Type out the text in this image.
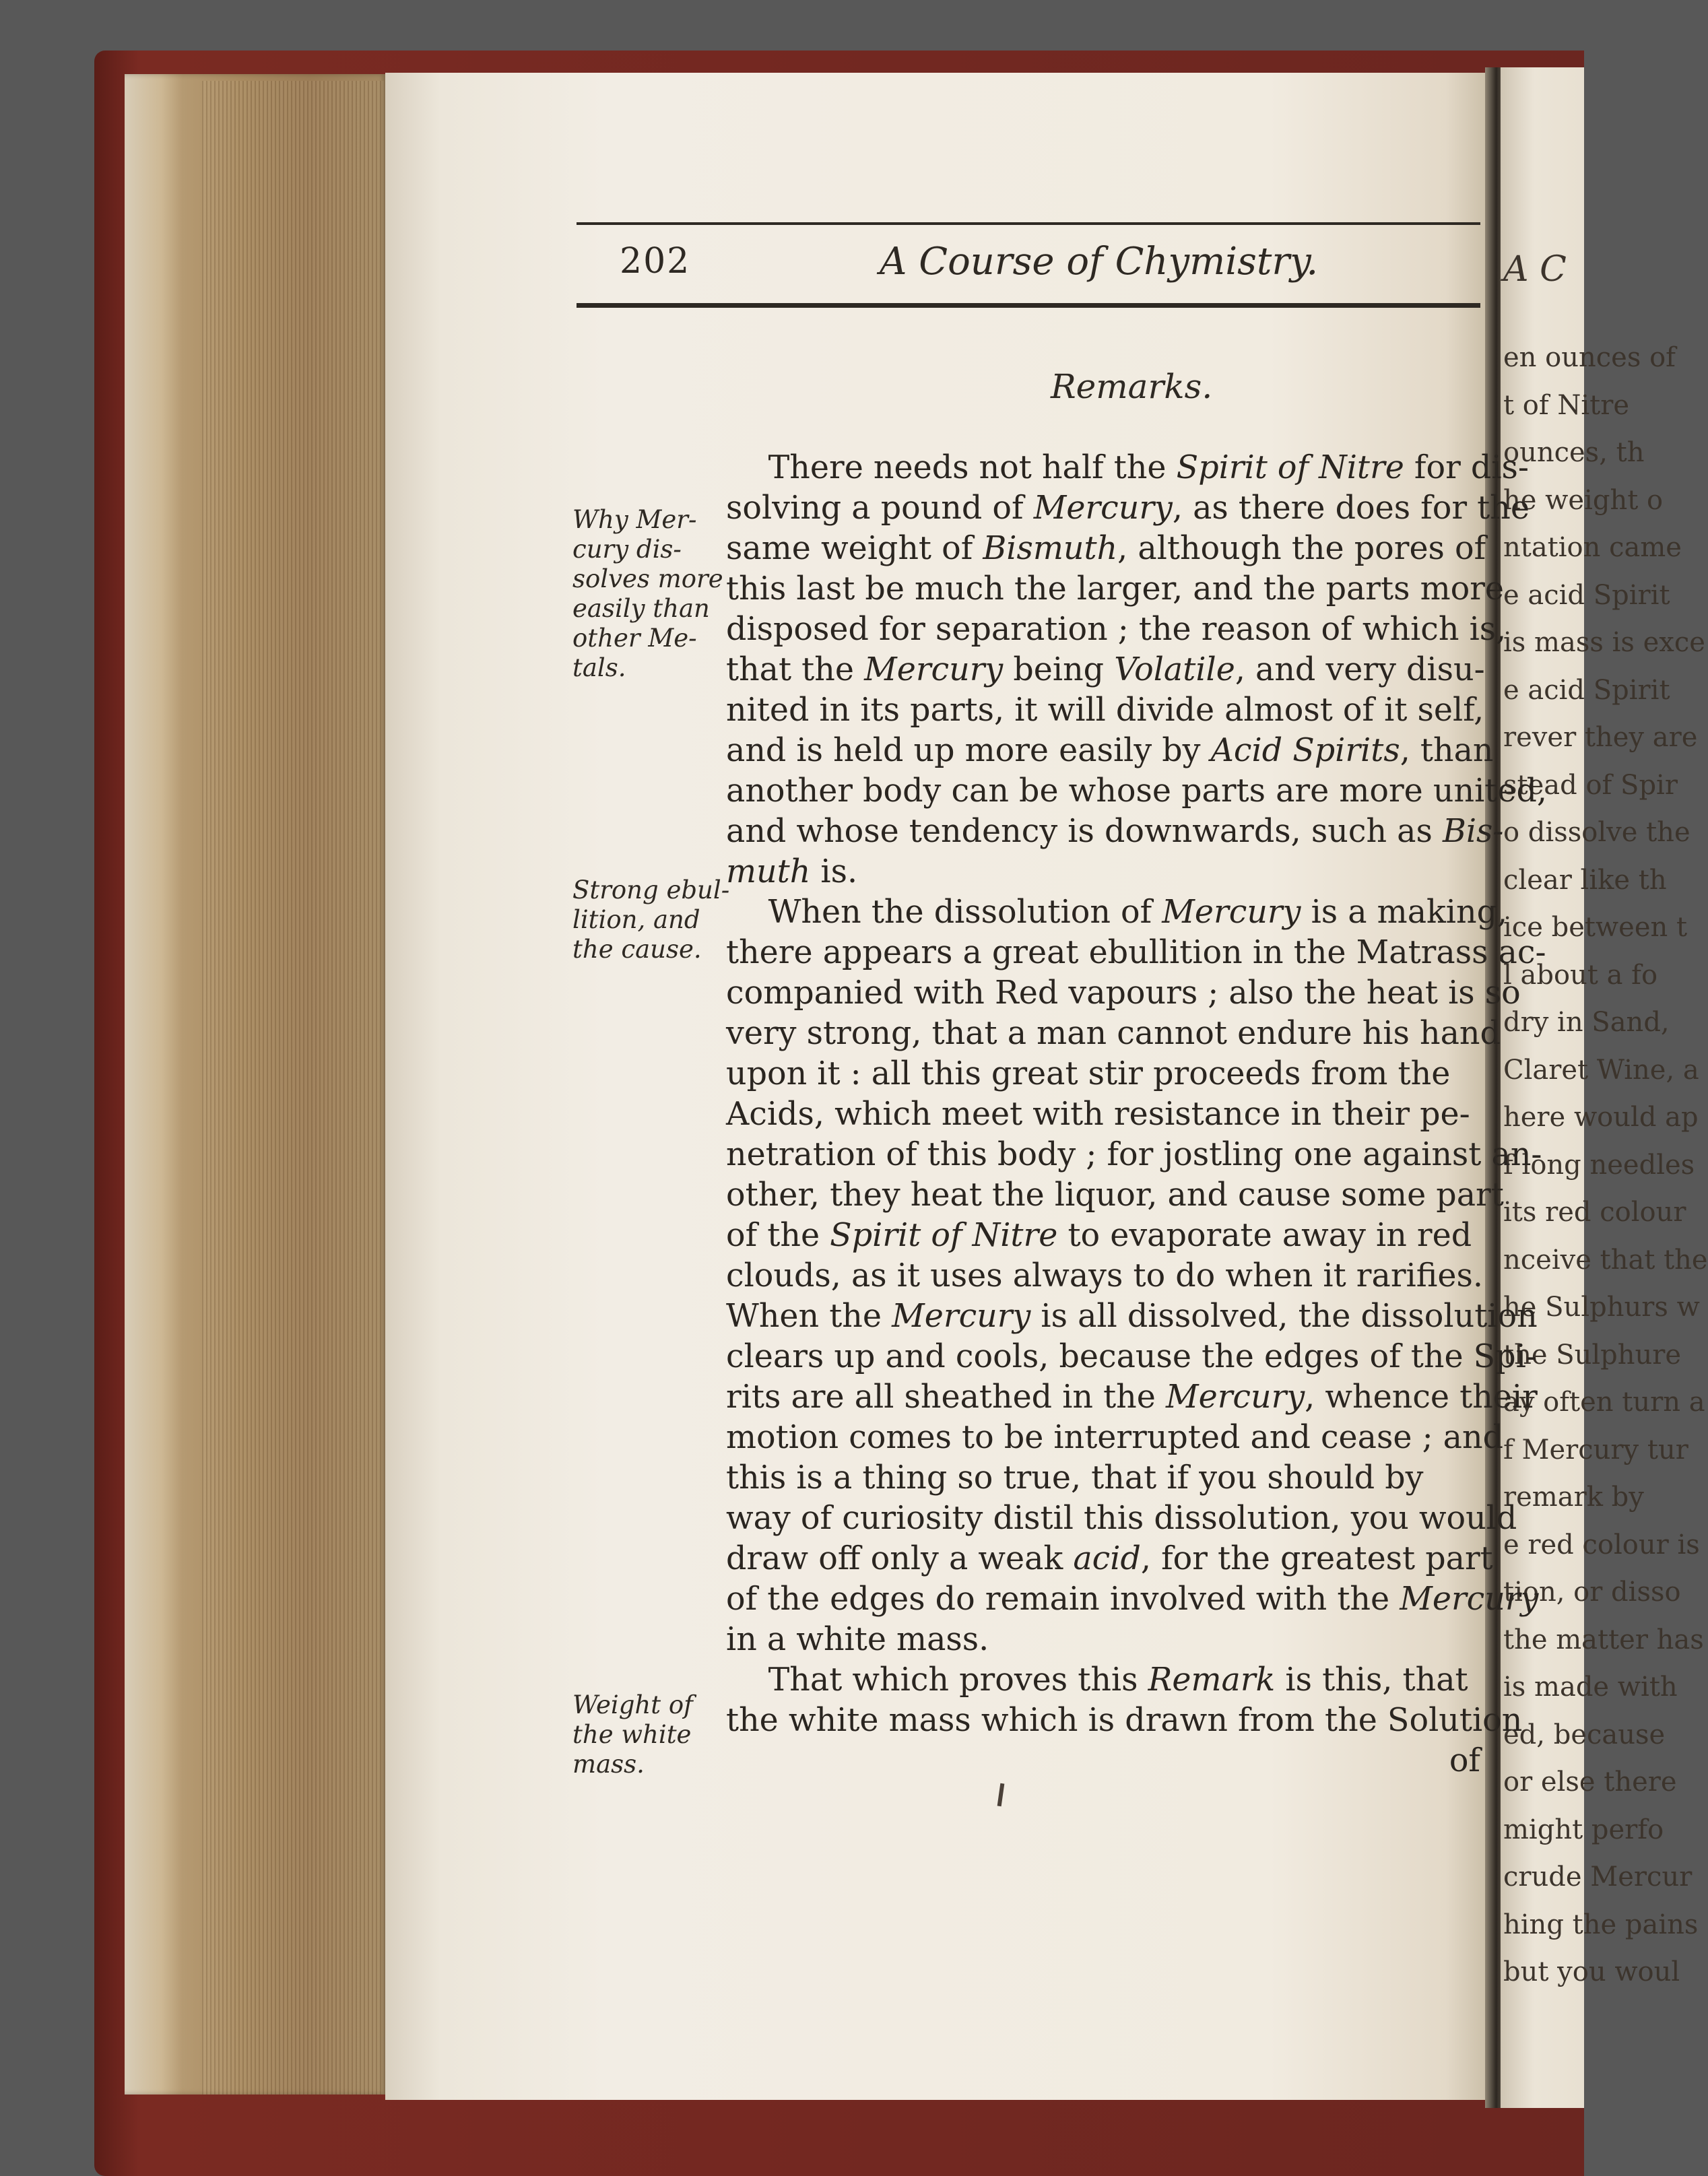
A C
en ounces of
t of Nitre
ounces, th
he weight o
ntation came
e acid Spirit
is mass is exce
e acid Spirit
rever they are
stead of Spir
o dissolve the
clear like th
ice between t
l about a fo
dry in Sand,
Claret Wine, a
here would ap
f long needles
its red colour
nceive that the
he Sulphurs w
the Sulphure
ay often turn a
f Mercury tur
remark by
e red colour is
tion, or disso
the matter has
is made with
ed, because
or else there
might perfo
crude Mercur
hing the pains
but you woul
202	A Course of Chymistry.
Remarks.
Why Mer-
cury dis-
solves more
easily than
other Me-
tals.
Strong ebul-
lition, and
the cause.
Weight of
the white
mass.
  There needs not half the Spirit of Nitre for dis-
solving a pound of Mercury, as there does for the
same weight of Bismuth, although the pores of
this last be much the larger, and the parts more
disposed for separation ; the reason of which is,
that the Mercury being Volatile, and very disu-
nited in its parts, it will divide almost of it self,
and is held up more easily by Acid Spirits, than
another body can be whose parts are more united,
and whose tendency is downwards, such as Bis-
muth is.
  When the dissolution of Mercury is a making,
there appears a great ebullition in the Matrass ac-
companied with Red vapours ; also the heat is so
very strong, that a man cannot endure his hand
upon it : all this great stir proceeds from the
Acids, which meet with resistance in their pe-
netration of this body ; for jostling one against an-
other, they heat the liquor, and cause some part
of the Spirit of Nitre to evaporate away in red
clouds, as it uses always to do when it rarifies.
When the Mercury is all dissolved, the dissolution
clears up and cools, because the edges of the Spi-
rits are all sheathed in the Mercury, whence their
motion comes to be interrupted and cease ; and
this is a thing so true, that if you should by
way of curiosity distil this dissolution, you would
draw off only a weak acid, for the greatest part
of the edges do remain involved with the Mercury
in a white mass.
  That which proves this Remark is this, that
the white mass which is drawn from the Solution
of
